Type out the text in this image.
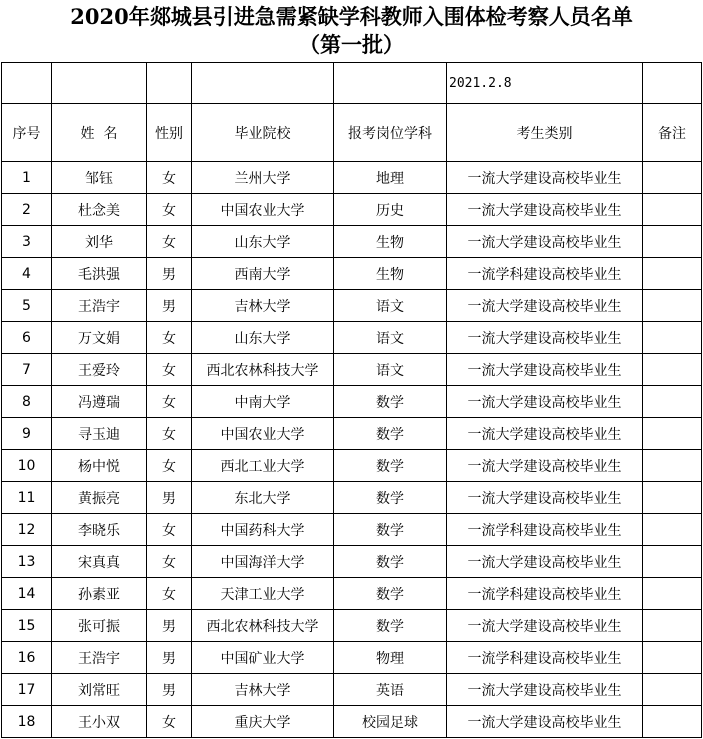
2020年郯城县引进急需紧缺学科教师入围体检考察人员名单
（第一批）
					2021.2.8	
序号	姓  名	性别	毕业院校	报考岗位学科	考生类别	备注
1	邹钰	女	兰州大学	地理	一流大学建设高校毕业生	
2	杜念美	女	中国农业大学	历史	一流大学建设高校毕业生	
3	刘华	女	山东大学	生物	一流大学建设高校毕业生	
4	毛洪强	男	西南大学	生物	一流学科建设高校毕业生	
5	王浩宇	男	吉林大学	语文	一流大学建设高校毕业生	
6	万文娟	女	山东大学	语文	一流大学建设高校毕业生	
7	王爱玲	女	西北农林科技大学	语文	一流大学建设高校毕业生	
8	冯遵瑞	女	中南大学	数学	一流大学建设高校毕业生	
9	寻玉迪	女	中国农业大学	数学	一流大学建设高校毕业生	
10	杨中悦	女	西北工业大学	数学	一流大学建设高校毕业生	
11	黄振亮	男	东北大学	数学	一流大学建设高校毕业生	
12	李晓乐	女	中国药科大学	数学	一流学科建设高校毕业生	
13	宋真真	女	中国海洋大学	数学	一流大学建设高校毕业生	
14	孙素亚	女	天津工业大学	数学	一流学科建设高校毕业生	
15	张可振	男	西北农林科技大学	数学	一流大学建设高校毕业生	
16	王浩宇	男	中国矿业大学	物理	一流学科建设高校毕业生	
17	刘常旺	男	吉林大学	英语	一流大学建设高校毕业生	
18	王小双	女	重庆大学	校园足球	一流大学建设高校毕业生	
